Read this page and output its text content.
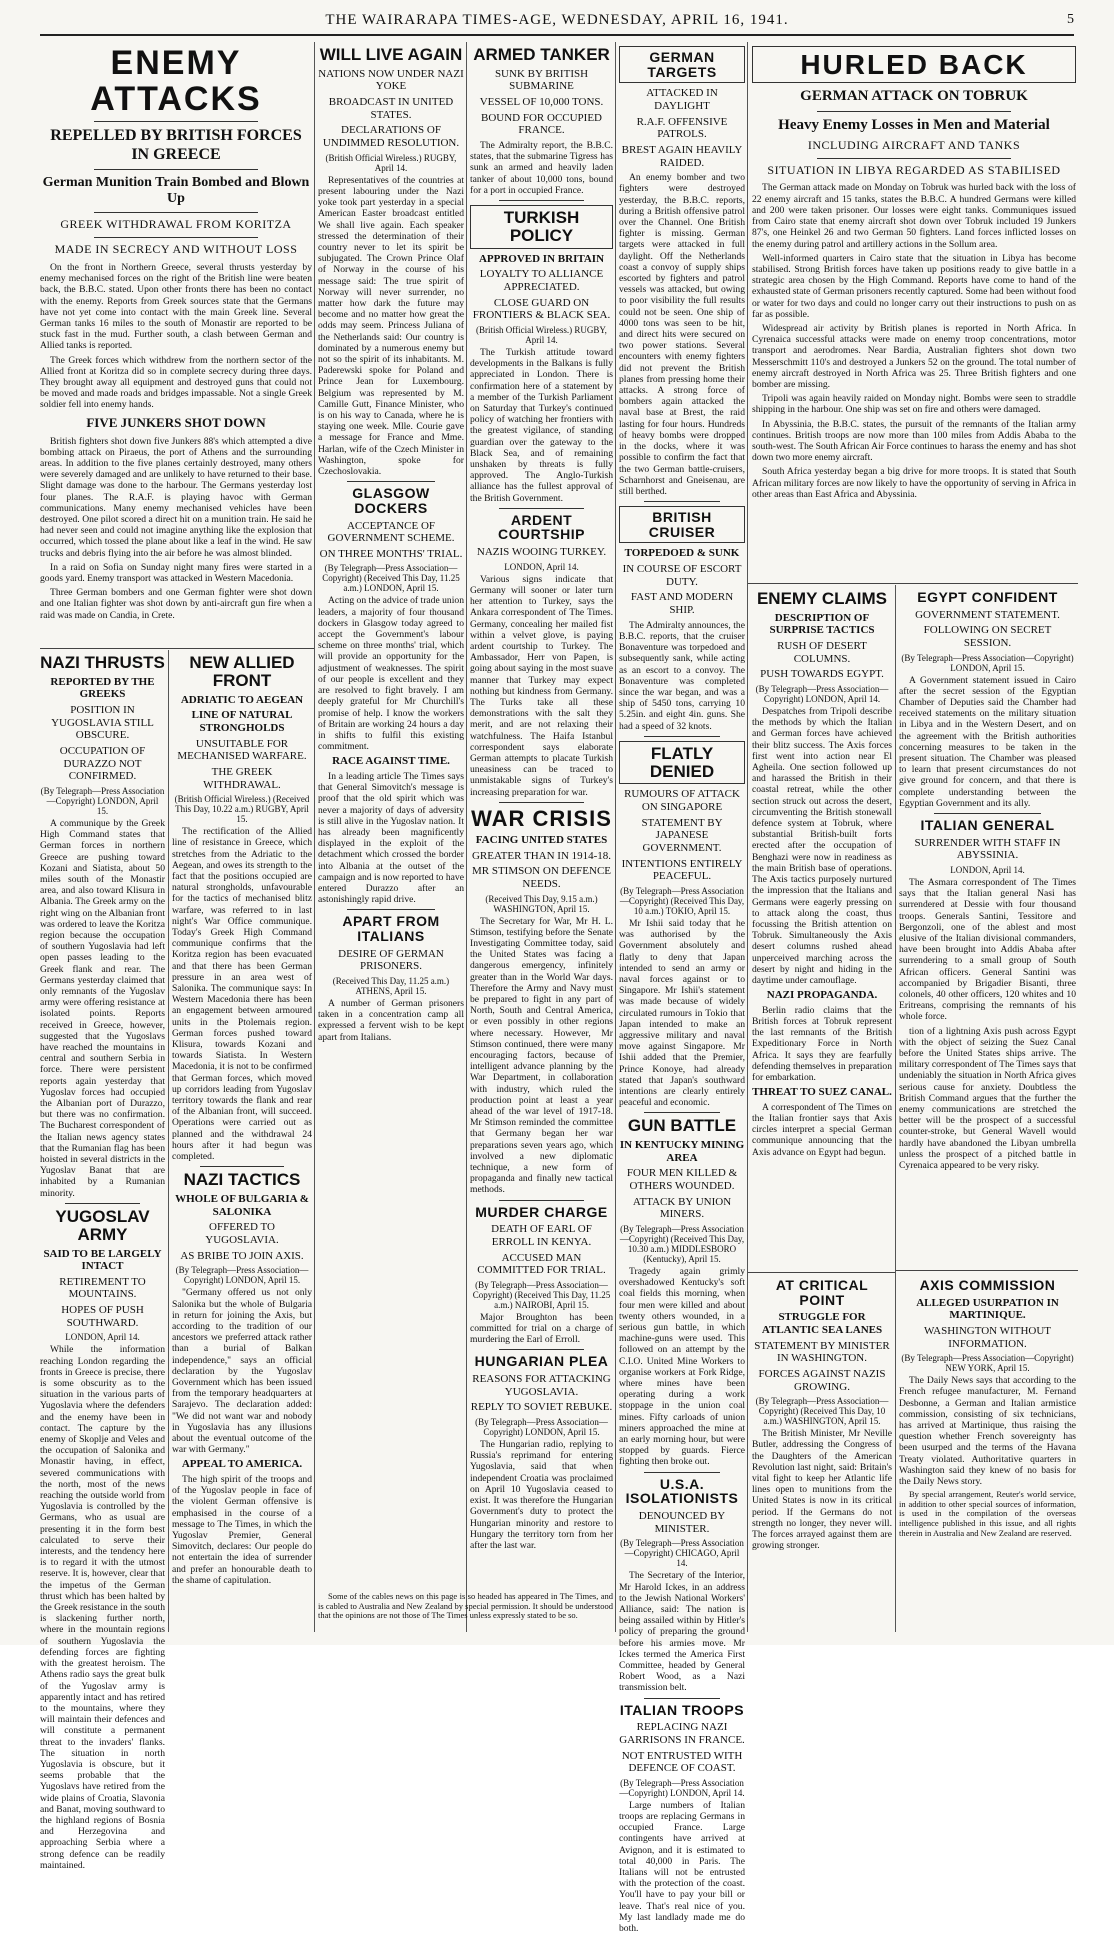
THE WAIRARAPA TIMES-AGE, WEDNESDAY, APRIL 16, 1941.	5
ENEMY ATTACKS
REPELLED BY BRITISH FORCES IN GREECE
German Munition Train Bombed and Blown Up
GREEK WITHDRAWAL FROM KORITZA
MADE IN SECRECY AND WITHOUT LOSS

On the front in Northern Greece, several thrusts yesterday by enemy mechanised forces on the right of the British line were beaten back, the B.B.C. stated. Upon other fronts there has been no contact with the enemy. Reports from Greek sources state that the Germans have not yet come into contact with the main Greek line. Several German tanks 16 miles to the south of Monastir are reported to be stuck fast in the mud. Further south, a clash between German and Allied tanks is reported.

The Greek forces which withdrew from the northern sector of the Allied front at Koritza did so in complete secrecy during three days. They brought away all equipment and destroyed guns that could not be moved and made roads and bridges impassable. Not a single Greek soldier fell into enemy hands.

FIVE JUNKERS SHOT DOWN

British fighters shot down five Junkers 88's which attempted a dive bombing attack on Piraeus, the port of Athens and the surrounding areas. In addition to the five planes certainly destroyed, many others were severely damaged and are unlikely to have returned to their base. Slight damage was done to the harbour. The Germans yesterday lost four planes. The R.A.F. is playing havoc with German communications. Many enemy mechanised vehicles have been destroyed. One pilot scored a direct hit on a munition train. He said he had never seen and could not imagine anything like the explosion that occurred, which tossed the plane about like a leaf in the wind. He saw trucks and debris flying into the air before he was almost blinded.

In a raid on Sofia on Sunday night many fires were started in a goods yard. Enemy transport was attacked in Western Macedonia.

Three German bombers and one German fighter were shot down and one Italian fighter was shot down by anti-aircraft gun fire when a raid was made on Candia, in Crete.

NAZI THRUSTS
REPORTED BY THE GREEKS
POSITION IN YUGOSLAVIA STILL OBSCURE.
OCCUPATION OF DURAZZO NOT CONFIRMED.
(By Telegraph—Press Association—Copyright) LONDON, April 15.

A communique by the Greek High Command states that German forces in northern Greece are pushing toward Kozani and Siatista, about 50 miles south of the Monastir area, and also toward Klisura in Albania. The Greek army on the right wing on the Albanian front was ordered to leave the Koritza region because the occupation of southern Yugoslavia had left open passes leading to the Greek flank and rear. The Germans yesterday claimed that only remnants of the Yugoslav army were offering resistance at isolated points. Reports received in Greece, however, suggested that the Yugoslavs have reached the mountains in central and southern Serbia in force. There were persistent reports again yesterday that Yugoslav forces had occupied the Albanian port of Durazzo, but there was no confirmation. The Bucharest correspondent of the Italian news agency states that the Rumanian flag has been hoisted in several districts in the Yugoslav Banat that are inhabited by a Rumanian minority.

YUGOSLAV ARMY
SAID TO BE LARGELY INTACT
RETIREMENT TO MOUNTAINS.
HOPES OF PUSH SOUTHWARD.
LONDON, April 14.

While the information reaching London regarding the fronts in Greece is precise, there is some obscurity as to the situation in the various parts of Yugoslavia where the defenders and the enemy have been in contact. The capture by the enemy of Skoplje and Veles and the occupation of Salonika and Monastir having, in effect, severed communications with the north, most of the news reaching the outside world from Yugoslavia is controlled by the Germans, who as usual are presenting it in the form best calculated to serve their interests, and the tendency here is to regard it with the utmost reserve. It is, however, clear that the impetus of the German thrust which has been halted by the Greek resistance in the south is slackening further north, where in the mountain regions of southern Yugoslavia the defending forces are fighting with the greatest heroism. The Athens radio says the great bulk of the Yugoslav army is apparently intact and has retired to the mountains, where they will maintain their defences and will constitute a permanent threat to the invaders' flanks. The situation in north Yugoslavia is obscure, but it seems probable that the Yugoslavs have retired from the wide plains of Croatia, Slavonia and Banat, moving southward to the highland regions of Bosnia and Herzegovina and approaching Serbia where a strong defence can be readily maintained.

NEW ALLIED FRONT
ADRIATIC TO AEGEAN
LINE OF NATURAL STRONGHOLDS
UNSUITABLE FOR MECHANISED WARFARE.
THE GREEK WITHDRAWAL.
(British Official Wireless.) (Received This Day, 10.22 a.m.) RUGBY, April 15.

The rectification of the Allied line of resistance in Greece, which stretches from the Adriatic to the Aegean, and owes its strength to the fact that the positions occupied are natural strongholds, unfavourable for the tactics of mechanised blitz warfare, was referred to in last night's War Office communique. Today's Greek High Command communique confirms that the Koritza region has been evacuated and that there has been German pressure in an area west of Salonika. The communique says: In Western Macedonia there has been an engagement between armoured units in the Ptolemais region. German forces pushed toward Klisura, towards Kozani and towards Siatista. In Western Macedonia, it is not to be confirmed that German forces, which moved up corridors leading from Yugoslav territory towards the flank and rear of the Albanian front, will succeed. Operations were carried out as planned and the withdrawal 24 hours after it had begun was completed.

NAZI TACTICS
WHOLE OF BULGARIA & SALONIKA
OFFERED TO YUGOSLAVIA.
AS BRIBE TO JOIN AXIS.
(By Telegraph—Press Association—Copyright) LONDON, April 15.

"Germany offered us not only Salonika but the whole of Bulgaria in return for joining the Axis, but according to the tradition of our ancestors we preferred attack rather than a burial of Balkan independence," says an official declaration by the Yugoslav Government which has been issued from the temporary headquarters at Sarajevo. The declaration added: "We did not want war and nobody in Yugoslavia has any illusions about the eventual outcome of the war with Germany."

APPEAL TO AMERICA.

The high spirit of the troops and of the Yugoslav people in face of the violent German offensive is emphasised in the course of a message to The Times, in which the Yugoslav Premier, General Simovitch, declares: Our people do not entertain the idea of surrender and prefer an honourable death to the shame of capitulation.

WILL LIVE AGAIN
NATIONS NOW UNDER NAZI YOKE
BROADCAST IN UNITED STATES.
DECLARATIONS OF UNDIMMED RESOLUTION.
(British Official Wireless.) RUGBY, April 14.

Representatives of the countries at present labouring under the Nazi yoke took part yesterday in a special American Easter broadcast entitled We shall live again. Each speaker stressed the determination of their country never to let its spirit be subjugated. The Crown Prince Olaf of Norway in the course of his message said: The true spirit of Norway will never surrender, no matter how dark the future may become and no matter how great the odds may seem. Princess Juliana of the Netherlands said: Our country is dominated by a numerous enemy but not so the spirit of its inhabitants. M. Paderewski spoke for Poland and Prince Jean for Luxembourg. Belgium was represented by M. Camille Gutt, Finance Minister, who is on his way to Canada, where he is staying one week. Mlle. Courie gave a message for France and Mme. Harlan, wife of the Czech Minister in Washington, spoke for Czechoslovakia.

GLASGOW DOCKERS
ACCEPTANCE OF GOVERNMENT SCHEME.
ON THREE MONTHS' TRIAL.
(By Telegraph—Press Association—Copyright) (Received This Day, 11.25 a.m.) LONDON, April 15.

Acting on the advice of trade union leaders, a majority of four thousand dockers in Glasgow today agreed to accept the Government's labour scheme on three months' trial, which will provide an opportunity for the adjustment of weaknesses. The spirit of our people is excellent and they are resolved to fight bravely. I am deeply grateful for Mr Churchill's promise of help. I know the workers of Britain are working 24 hours a day in shifts to fulfil this existing commitment.

RACE AGAINST TIME.

In a leading article The Times says that General Simovitch's message is proof that the old spirit which was never a majority of days of adversity is still alive in the Yugoslav nation. It has already been magnificently displayed in the exploit of the detachment which crossed the border into Albania at the outset of the campaign and is now reported to have entered Durazzo after an astonishingly rapid drive.

APART FROM ITALIANS
DESIRE OF GERMAN PRISONERS.
(Received This Day, 11.25 a.m.) ATHENS, April 15.

A number of German prisoners taken in a concentration camp all expressed a fervent wish to be kept apart from Italians.

Some of the cables news on this page is so headed has appeared in The Times, and is cabled to Australia and New Zealand by special permission. It should be understood that the opinions are not those of The Times unless expressly stated to be so.

ARMED TANKER
SUNK BY BRITISH SUBMARINE
VESSEL OF 10,000 TONS.
BOUND FOR OCCUPIED FRANCE.

The Admiralty report, the B.B.C. states, that the submarine Tigress has sunk an armed and heavily laden tanker of about 10,000 tons, bound for a port in occupied France.

TURKISH POLICY
APPROVED IN BRITAIN
LOYALTY TO ALLIANCE APPRECIATED.
CLOSE GUARD ON FRONTIERS & BLACK SEA.
(British Official Wireless.) RUGBY, April 14.

The Turkish attitude toward developments in the Balkans is fully appreciated in London. There is confirmation here of a statement by a member of the Turkish Parliament on Saturday that Turkey's continued policy of watching her frontiers with the greatest vigilance, of standing guardian over the gateway to the Black Sea, and of remaining unshaken by threats is fully approved. The Anglo-Turkish alliance has the fullest approval of the British Government.

ARDENT COURTSHIP
NAZIS WOOING TURKEY.
LONDON, April 14.

Various signs indicate that Germany will sooner or later turn her attention to Turkey, says the Ankara correspondent of The Times. Germany, concealing her mailed fist within a velvet glove, is paying ardent courtship to Turkey. The Ambassador, Herr von Papen, is going about saying in the most suave manner that Turkey may expect nothing but kindness from Germany. The Turks take all these demonstrations with the salt they merit, and are not relaxing their watchfulness. The Haifa Istanbul correspondent says elaborate German attempts to placate Turkish uneasiness can be traced to unmistakable signs of Turkey's increasing preparation for war.

WAR CRISIS
FACING UNITED STATES
GREATER THAN IN 1914-18.
MR STIMSON ON DEFENCE NEEDS.
(Received This Day, 9.15 a.m.) WASHINGTON, April 15.

The Secretary for War, Mr H. L. Stimson, testifying before the Senate Investigating Committee today, said the United States was facing a dangerous emergency, infinitely greater than in the World War days. Therefore the Army and Navy must be prepared to fight in any part of North, South and Central America, or even possibly in other regions where necessary. However, Mr Stimson continued, there were many encouraging factors, because of intelligent advance planning by the War Department, in collaboration with industry, which ruled the production point at least a year ahead of the war level of 1917-18. Mr Stimson reminded the committee that Germany began her war preparations seven years ago, which involved a new diplomatic technique, a new form of propaganda and finally new tactical methods.

MURDER CHARGE
DEATH OF EARL OF ERROLL IN KENYA.
ACCUSED MAN COMMITTED FOR TRIAL.
(By Telegraph—Press Association—Copyright) (Received This Day, 11.25 a.m.) NAIROBI, April 15.

Major Broughton has been committed for trial on a charge of murdering the Earl of Erroll.

HUNGARIAN PLEA
REASONS FOR ATTACKING YUGOSLAVIA.
REPLY TO SOVIET REBUKE.
(By Telegraph—Press Association—Copyright) LONDON, April 15.

The Hungarian radio, replying to Russia's reprimand for entering Yugoslavia, said that when independent Croatia was proclaimed on April 10 Yugoslavia ceased to exist. It was therefore the Hungarian Government's duty to protect the Hungarian minority and restore to Hungary the territory torn from her after the last war.

GERMAN TARGETS
ATTACKED IN DAYLIGHT
R.A.F. OFFENSIVE PATROLS.
BREST AGAIN HEAVILY RAIDED.

An enemy bomber and two fighters were destroyed yesterday, the B.B.C. reports, during a British offensive patrol over the Channel. One British fighter is missing. German targets were attacked in full daylight. Off the Netherlands coast a convoy of supply ships escorted by fighters and patrol vessels was attacked, but owing to poor visibility the full results could not be seen. One ship of 4000 tons was seen to be hit, and direct hits were secured on two power stations. Several encounters with enemy fighters did not prevent the British planes from pressing home their attacks. A strong force of bombers again attacked the naval base at Brest, the raid lasting for four hours. Hundreds of heavy bombs were dropped in the docks, where it was possible to confirm the fact that the two German battle-cruisers, Scharnhorst and Gneisenau, are still berthed.

BRITISH CRUISER
TORPEDOED & SUNK
IN COURSE OF ESCORT DUTY.
FAST AND MODERN SHIP.

The Admiralty announces, the B.B.C. reports, that the cruiser Bonaventure was torpedoed and subsequently sank, while acting as an escort to a convoy. The Bonaventure was completed since the war began, and was a ship of 5450 tons, carrying 10 5.25in. and eight 4in. guns. She had a speed of 32 knots.

FLATLY DENIED
RUMOURS OF ATTACK ON SINGAPORE
STATEMENT BY JAPANESE GOVERNMENT.
INTENTIONS ENTIRELY PEACEFUL.
(By Telegraph—Press Association—Copyright) (Received This Day, 10 a.m.) TOKIO, April 15.

Mr Ishii said today that he was authorised by the Government absolutely and flatly to deny that Japan intended to send an army or naval forces against or to Singapore. Mr Ishii's statement was made because of widely circulated rumours in Tokio that Japan intended to make an aggressive military and naval move against Singapore. Mr Ishii added that the Premier, Prince Konoye, had already stated that Japan's southward intentions are clearly entirely peaceful and economic.

GUN BATTLE
IN KENTUCKY MINING AREA
FOUR MEN KILLED & OTHERS WOUNDED.
ATTACK BY UNION MINERS.
(By Telegraph—Press Association—Copyright) (Received This Day, 10.30 a.m.) MIDDLESBORO (Kentucky), April 15.

Tragedy again grimly overshadowed Kentucky's soft coal fields this morning, when four men were killed and about twenty others wounded, in a serious gun battle, in which machine-guns were used. This followed on an attempt by the C.I.O. United Mine Workers to organise workers at Fork Ridge, where mines have been operating during a work stoppage in the union coal mines. Fifty carloads of union miners approached the mine at an early morning hour, but were stopped by guards. Fierce fighting then broke out.

U.S.A. ISOLATIONISTS
DENOUNCED BY MINISTER.
(By Telegraph—Press Association—Copyright) CHICAGO, April 14.

The Secretary of the Interior, Mr Harold Ickes, in an address to the Jewish National Workers' Alliance, said: The nation is being assailed within by Hitler's policy of preparing the ground before his armies move. Mr Ickes termed the America First Committee, headed by General Robert Wood, as a Nazi transmission belt.

ITALIAN TROOPS
REPLACING NAZI GARRISONS IN FRANCE.
NOT ENTRUSTED WITH DEFENCE OF COAST.
(By Telegraph—Press Association—Copyright) LONDON, April 14.

Large numbers of Italian troops are replacing Germans in occupied France. Large contingents have arrived at Avignon, and it is estimated to total 40,000 in Paris. The Italians will not be entrusted with the protection of the coast. You'll have to pay your bill or leave. That's real nice of you. My last landlady made me do both.

HURLED BACK
GERMAN ATTACK ON TOBRUK
Heavy Enemy Losses in Men and Material
INCLUDING AIRCRAFT AND TANKS
SITUATION IN LIBYA REGARDED AS STABILISED

The German attack made on Monday on Tobruk was hurled back with the loss of 22 enemy aircraft and 15 tanks, states the B.B.C. A hundred Germans were killed and 200 were taken prisoner. Our losses were eight tanks. Communiques issued from Cairo state that enemy aircraft shot down over Tobruk included 19 Junkers 87's, one Heinkel 26 and two German 50 fighters. Land forces inflicted losses on the enemy during patrol and artillery actions in the Sollum area.

Well-informed quarters in Cairo state that the situation in Libya has become stabilised. Strong British forces have taken up positions ready to give battle in a strategic area chosen by the High Command. Reports have come to hand of the exhausted state of German prisoners recently captured. Some had been without food or water for two days and could no longer carry out their instructions to push on as far as possible.

Widespread air activity by British planes is reported in North Africa. In Cyrenaica successful attacks were made on enemy troop concentrations, motor transport and aerodromes. Near Bardia, Australian fighters shot down two Messerschmitt 110's and destroyed a Junkers 52 on the ground. The total number of enemy aircraft destroyed in North Africa was 25. Three British fighters and one bomber are missing.

Tripoli was again heavily raided on Monday night. Bombs were seen to straddle shipping in the harbour. One ship was set on fire and others were damaged.

In Abyssinia, the B.B.C. states, the pursuit of the remnants of the Italian army continues. British troops are now more than 100 miles from Addis Ababa to the south-west. The South African Air Force continues to harass the enemy and has shot down two more enemy aircraft.

South Africa yesterday began a big drive for more troops. It is stated that South African military forces are now likely to have the opportunity of serving in Africa in other areas than East Africa and Abyssinia.

ENEMY CLAIMS
DESCRIPTION OF SURPRISE TACTICS
RUSH OF DESERT COLUMNS.
PUSH TOWARDS EGYPT.
(By Telegraph—Press Association—Copyright) LONDON, April 14.

Despatches from Tripoli describe the methods by which the Italian and German forces have achieved their blitz success. The Axis forces first went into action near El Agheila. One section followed up and harassed the British in their coastal retreat, while the other section struck out across the desert, circumventing the British stonewall defence system at Tobruk, where substantial British-built forts erected after the occupation of Benghazi were now in readiness as the main British base of operations. The Axis tactics purposely nurtured the impression that the Italians and Germans were eagerly pressing on to attack along the coast, thus focussing the British attention on Tobruk. Simultaneously the Axis desert columns rushed ahead unperceived marching across the desert by night and hiding in the daytime under camouflage.

NAZI PROPAGANDA.

Berlin radio claims that the British forces at Tobruk represent the last remnants of the British Expeditionary Force in North Africa. It says they are fearfully defending themselves in preparation for embarkation.

THREAT TO SUEZ CANAL.

A correspondent of The Times on the Italian frontier says that Axis circles interpret a special German communique announcing that the Axis advance on Egypt had begun.

EGYPT CONFIDENT
GOVERNMENT STATEMENT.
FOLLOWING ON SECRET SESSION.
(By Telegraph—Press Association—Copyright) LONDON, April 15.

A Government statement issued in Cairo after the secret session of the Egyptian Chamber of Deputies said the Chamber had received statements on the military situation in Libya and in the Western Desert, and on the agreement with the British authorities concerning measures to be taken in the present situation. The Chamber was pleased to learn that present circumstances do not give ground for concern, and that there is complete understanding between the Egyptian Government and its ally.

ITALIAN GENERAL
SURRENDER WITH STAFF IN ABYSSINIA.
LONDON, April 14.

The Asmara correspondent of The Times says that the Italian general Nasi has surrendered at Dessie with four thousand troops. Generals Santini, Tessitore and Bergonzoli, one of the ablest and most elusive of the Italian divisional commanders, have been brought into Addis Ababa after surrendering to a small group of South African officers. General Santini was accompanied by Brigadier Bisanti, three colonels, 40 other officers, 120 whites and 10 Eritreans, comprising the remnants of his whole force.

tion of a lightning Axis push across Egypt with the object of seizing the Suez Canal before the United States ships arrive. The military correspondent of The Times says that undeniably the situation in North Africa gives serious cause for anxiety. Doubtless the British Command argues that the further the enemy communications are stretched the better will be the prospect of a successful counter-stroke, but General Wavell would hardly have abandoned the Libyan umbrella unless the prospect of a pitched battle in Cyrenaica appeared to be very risky.

AT CRITICAL POINT
STRUGGLE FOR ATLANTIC SEA LANES
STATEMENT BY MINISTER IN WASHINGTON.
FORCES AGAINST NAZIS GROWING.
(By Telegraph—Press Association—Copyright) (Received This Day, 10 a.m.) WASHINGTON, April 15.

The British Minister, Mr Neville Butler, addressing the Congress of the Daughters of the American Revolution last night, said: Britain's vital fight to keep her Atlantic life lines open to munitions from the United States is now in its critical period. If the Germans do not strength no longer, they never will. The forces arrayed against them are growing stronger.

AXIS COMMISSION
ALLEGED USURPATION IN MARTINIQUE.
WASHINGTON WITHOUT INFORMATION.
(By Telegraph—Press Association—Copyright) NEW YORK, April 15.

The Daily News says that according to the French refugee manufacturer, M. Fernand Desbonne, a German and Italian armistice commission, consisting of six technicians, has arrived at Martinique, thus raising the question whether French sovereignty has been usurped and the terms of the Havana Treaty violated. Authoritative quarters in Washington said they knew of no basis for the Daily News story.

By special arrangement, Reuter's world service, in addition to other special sources of information, is used in the compilation of the overseas intelligence published in this issue, and all rights therein in Australia and New Zealand are reserved.
